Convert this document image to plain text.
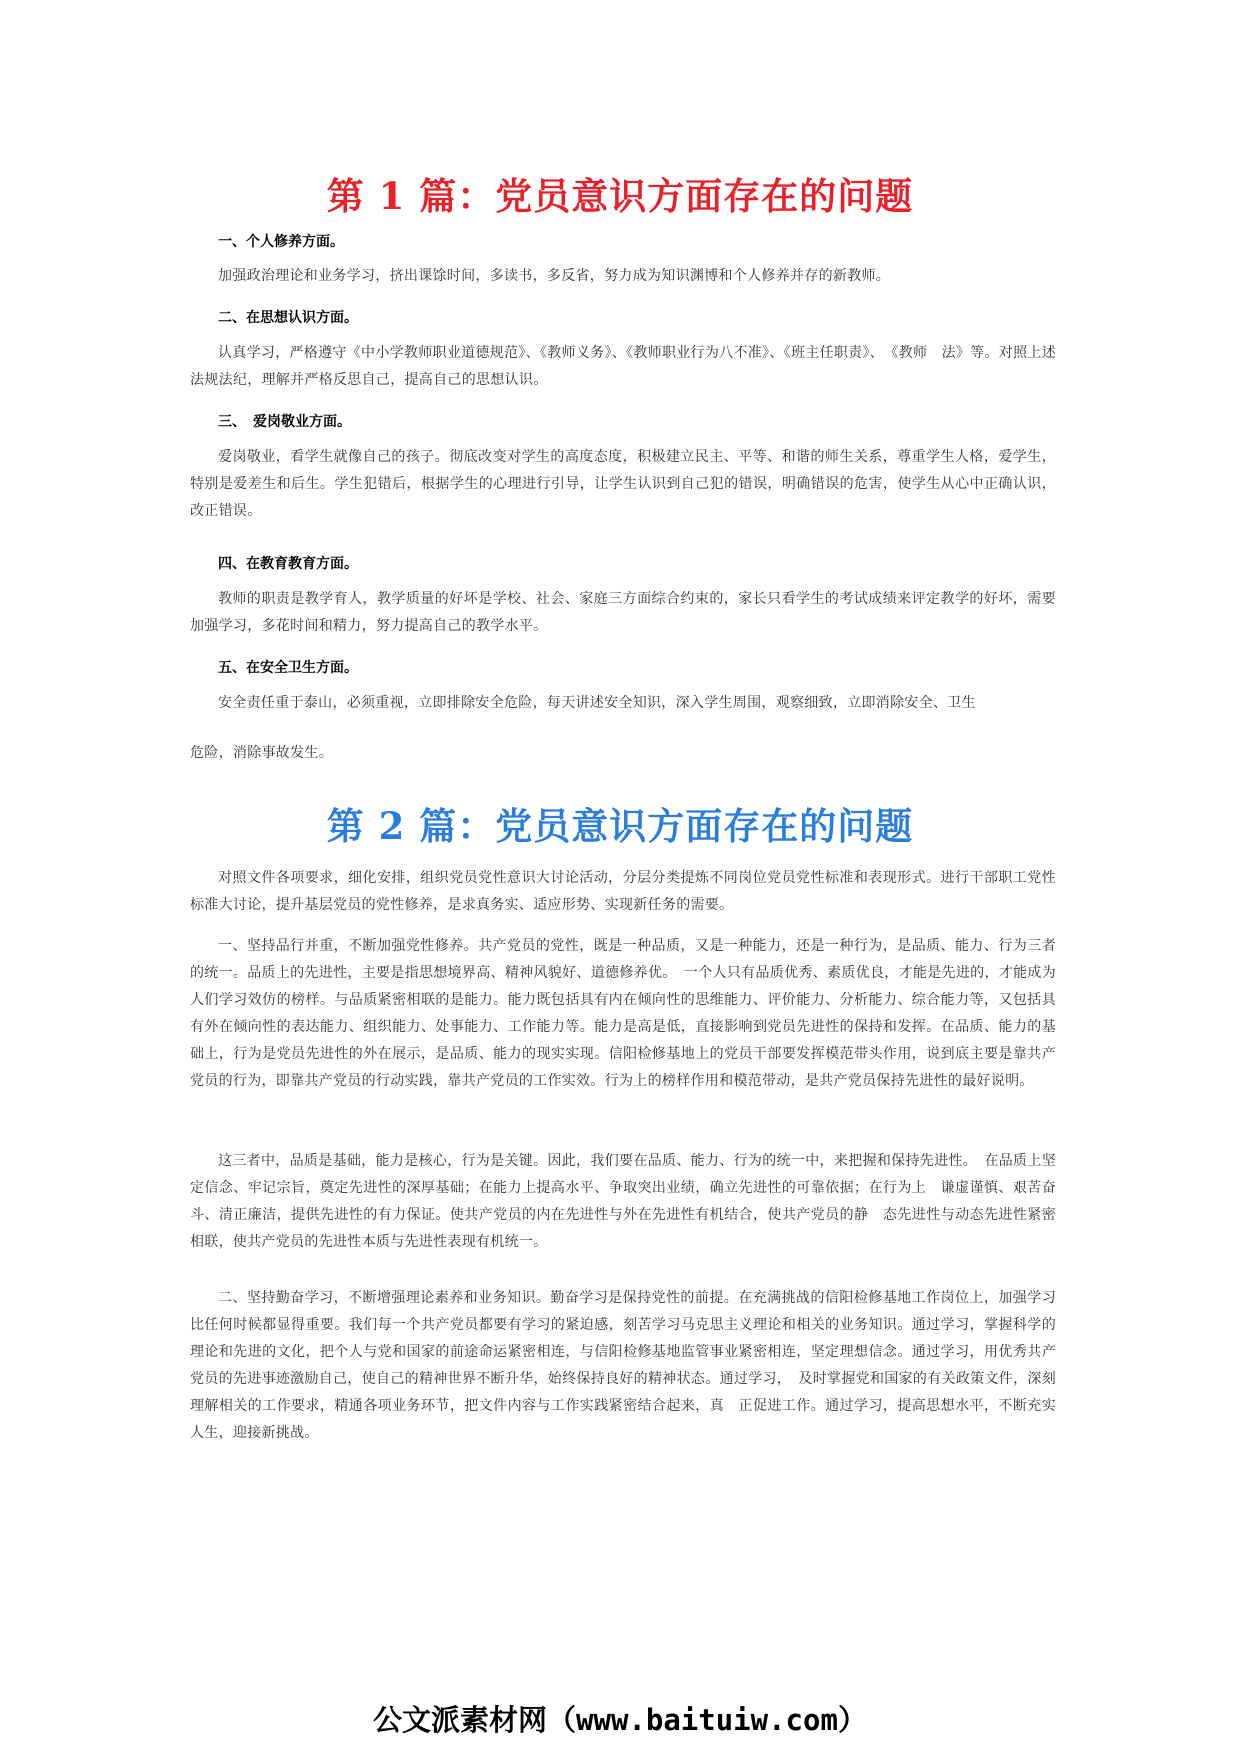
第 1 篇：党员意识方面存在的问题

一、个人修养方面。

加强政治理论和业务学习，挤出课馀时间，多读书，多反省，努力成为知识渊博和个人修养并存的新教师。

二、在思想认识方面。

认真学习，严格遵守《中小学教师职业道德规范》、《教师义务》、《教师职业行为八不准》、《班主任职责》、　《教师　法》等。对照上述法规法纪，理解并严格反思自己，提高自己的思想认识。

三、　爱岗敬业方面。

爱岗敬业，看学生就像自己的孩子。彻底改变对学生的高度态度，积极建立民主、平等、和谐的师生关系，尊重学生人格，爱学生，特别是爱差生和后生。学生犯错后，根据学生的心理进行引导，让学生认识到自己犯的错误，明确错误的危害，使学生从心中正确认识，改正错误。

四、在教育教育方面。

教师的职责是教学育人，教学质量的好坏是学校、社会、家庭三方面综合约束的，家长只看学生的考试成绩来评定教学的好坏，需要加强学习，多花时间和精力，努力提高自己的教学水平。

五、在安全卫生方面。

安全责任重于泰山，必须重视，立即排除安全危险，每天讲述安全知识，深入学生周围，观察细致，立即消除安全、卫生

危险，消除事故发生。

第 2 篇：党员意识方面存在的问题

对照文件各项要求，细化安排，组织党员党性意识大讨论活动，分层分类提炼不同岗位党员党性标准和表现形式。进行干部职工党性标准大讨论，提升基层党员的党性修养，是求真务实、适应形势、实现新任务的需要。

一、坚持品行并重，不断加强党性修养。共产党员的党性，既是一种品质，又是一种能力，还是一种行为，是品质、能力、行为三者的统一。品质上的先进性，主要是指思想境界高、精神风貌好、道德修养优。　一个人只有品质优秀、素质优良，才能是先进的，才能成为人们学习效仿的榜样。与品质紧密相联的是能力。能力既包括具有内在倾向性的思维能力、评价能力、分析能力、综合能力等，又包括具有外在倾向性的表达能力、组织能力、处事能力、工作能力等。能力是高是低，直接影响到党员先进性的保持和发挥。在品质、能力的基础上，行为是党员先进性的外在展示，是品质、能力的现实实现。信阳检修基地上的党员干部要发挥模范带头作用，说到底主要是靠共产党员的行为，即靠共产党员的行动实践，靠共产党员的工作实效。行为上的榜样作用和模范带动，是共产党员保持先进性的最好说明。

这三者中，品质是基础，能力是核心，行为是关键。因此，我们要在品质、能力、行为的统一中，来把握和保持先进性。　在品质上坚定信念、牢记宗旨，奠定先进性的深厚基础；在能力上提高水平、争取突出业绩，确立先进性的可靠依据；在行为上　谦虚谨慎、艰苦奋斗、清正廉洁，提供先进性的有力保证。使共产党员的内在先进性与外在先进性有机结合，使共产党员的静　态先进性与动态先进性紧密相联，使共产党员的先进性本质与先进性表现有机统一。

二、坚持勤奋学习，不断增强理论素养和业务知识。勤奋学习是保持党性的前提。在充满挑战的信阳检修基地工作岗位上，加强学习比任何时候都显得重要。我们每一个共产党员都要有学习的紧迫感，刻苦学习马克思主义理论和相关的业务知识。通过学习，掌握科学的理论和先进的文化，把个人与党和国家的前途命运紧密相连，与信阳检修基地监管事业紧密相连，坚定理想信念。通过学习，用优秀共产党员的先进事迹激励自己，使自己的精神世界不断升华，始终保持良好的精神状态。通过学习，　及时掌握党和国家的有关政策文件，深刻理解相关的工作要求，精通各项业务环节，把文件内容与工作实践紧密结合起来，真　正促进工作。通过学习，提高思想水平，不断充实人生，迎接新挑战。

公文派素材网（www.baituiw.com）
